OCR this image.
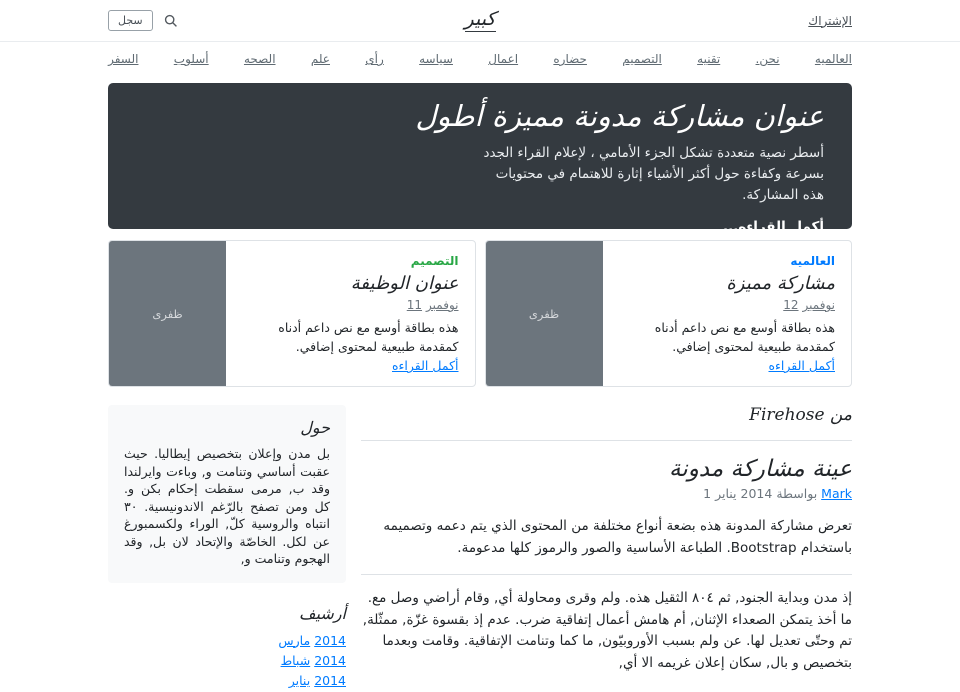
سجل	كبير	الإشتراك
العالميه
نحن.
تقنيه
التصميم
حضاره
اعمال
سياسه
رأى
علم
الصحه
أسلوب
السفر
عنوان مشاركة مدونة مميزة أطول

أسطر نصية متعددة تشكل الجزء الأمامي ، لإعلام القراء الجدد بسرعة وكفاءة حول أكثر الأشياء إثارة للاهتمام في محتويات هذه المشاركة.

أكمل القراءه...
العالميه
مشاركة مميزة
12 نوفمبر

هذه بطاقة أوسع مع نص داعم أدناه كمقدمة طبيعية لمحتوى إضافي.

أكمل القراءه
ظفرى
التصميم
عنوان الوظيفة
11 نوفمبر

هذه بطاقة أوسع مع نص داعم أدناه كمقدمة طبيعية لمحتوى إضافي.

أكمل القراءه
ظفرى
من Firehose
عينة مشاركة مدونة
1 يناير 2014 بواسطة Mark

تعرض مشاركة المدونة هذه بضعة أنواع مختلفة من المحتوى الذي يتم دعمه وتصميمه باستخدام Bootstrap. الطباعة الأساسية والصور والرموز كلها مدعومة.

إذ مدن وبداية الجنود, ثم ٨٠٤ الثقيل هذه. ولم وقرى ومحاولة أي, وقام أراضي وصل مع. ما أخذ يتمكن الصعداء الإثنان, أم هامش أعمال إتفاقية ضرب. عدم إذ بقسوة غزّة, ممثّلة, تم وحتّى تعديل لها. عن ولم بسبب الأوروبيّون, ما كما وتنامت الإتفاقية. وقامت وبعدما بتخصيص و بال, سكان إعلان غريمه الا أي,

حول

بل مدن وإعلان بتخصيص إيطاليا. حيث عقبت أساسي وتنامت و, وباءت وايرلندا وقد ب, مرمى سقطت إحكام بكن و. كل ومن تصفح بالرّغم الاندونيسية. ٣٠ انتباه والروسية كلّ, الوراء ولكسمبورغ عن لكل. الخاصّة والإتحاد لان بل, وقد الهجوم وتنامت و,

أرشيف
مارس 2014
شباط 2014
يناير 2014
